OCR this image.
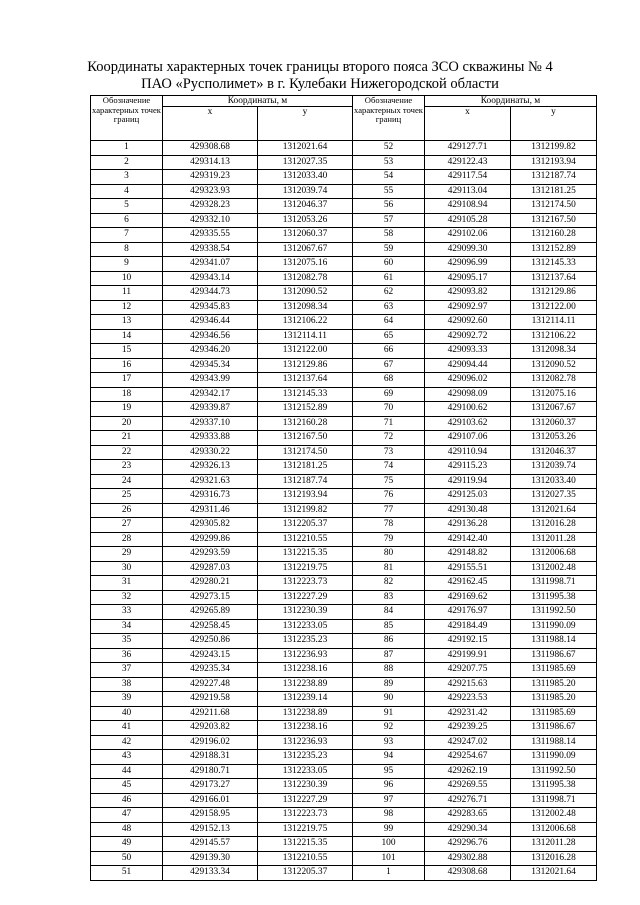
Координаты характерных точек границы второго пояса ЗСО скважины № 4
ПАО «Русполимет» в г. Кулебаки Нижегородской области
Обозначение характерных точек границ	Координаты, м		Обозначение характерных точек границ	Координаты, м	
	x	y		x	y
1	429308.68	1312021.64	52	429127.71	1312199.82
2	429314.13	1312027.35	53	429122.43	1312193.94
3	429319.23	1312033.40	54	429117.54	1312187.74
4	429323.93	1312039.74	55	429113.04	1312181.25
5	429328.23	1312046.37	56	429108.94	1312174.50
6	429332.10	1312053.26	57	429105.28	1312167.50
7	429335.55	1312060.37	58	429102.06	1312160.28
8	429338.54	1312067.67	59	429099.30	1312152.89
9	429341.07	1312075.16	60	429096.99	1312145.33
10	429343.14	1312082.78	61	429095.17	1312137.64
11	429344.73	1312090.52	62	429093.82	1312129.86
12	429345.83	1312098.34	63	429092.97	1312122.00
13	429346.44	1312106.22	64	429092.60	1312114.11
14	429346.56	1312114.11	65	429092.72	1312106.22
15	429346.20	1312122.00	66	429093.33	1312098.34
16	429345.34	1312129.86	67	429094.44	1312090.52
17	429343.99	1312137.64	68	429096.02	1312082.78
18	429342.17	1312145.33	69	429098.09	1312075.16
19	429339.87	1312152.89	70	429100.62	1312067.67
20	429337.10	1312160.28	71	429103.62	1312060.37
21	429333.88	1312167.50	72	429107.06	1312053.26
22	429330.22	1312174.50	73	429110.94	1312046.37
23	429326.13	1312181.25	74	429115.23	1312039.74
24	429321.63	1312187.74	75	429119.94	1312033.40
25	429316.73	1312193.94	76	429125.03	1312027.35
26	429311.46	1312199.82	77	429130.48	1312021.64
27	429305.82	1312205.37	78	429136.28	1312016.28
28	429299.86	1312210.55	79	429142.40	1312011.28
29	429293.59	1312215.35	80	429148.82	1312006.68
30	429287.03	1312219.75	81	429155.51	1312002.48
31	429280.21	1312223.73	82	429162.45	1311998.71
32	429273.15	1312227.29	83	429169.62	1311995.38
33	429265.89	1312230.39	84	429176.97	1311992.50
34	429258.45	1312233.05	85	429184.49	1311990.09
35	429250.86	1312235.23	86	429192.15	1311988.14
36	429243.15	1312236.93	87	429199.91	1311986.67
37	429235.34	1312238.16	88	429207.75	1311985.69
38	429227.48	1312238.89	89	429215.63	1311985.20
39	429219.58	1312239.14	90	429223.53	1311985.20
40	429211.68	1312238.89	91	429231.42	1311985.69
41	429203.82	1312238.16	92	429239.25	1311986.67
42	429196.02	1312236.93	93	429247.02	1311988.14
43	429188.31	1312235.23	94	429254.67	1311990.09
44	429180.71	1312233.05	95	429262.19	1311992.50
45	429173.27	1312230.39	96	429269.55	1311995.38
46	429166.01	1312227.29	97	429276.71	1311998.71
47	429158.95	1312223.73	98	429283.65	1312002.48
48	429152.13	1312219.75	99	429290.34	1312006.68
49	429145.57	1312215.35	100	429296.76	1312011.28
50	429139.30	1312210.55	101	429302.88	1312016.28
51	429133.34	1312205.37	1	429308.68	1312021.64
